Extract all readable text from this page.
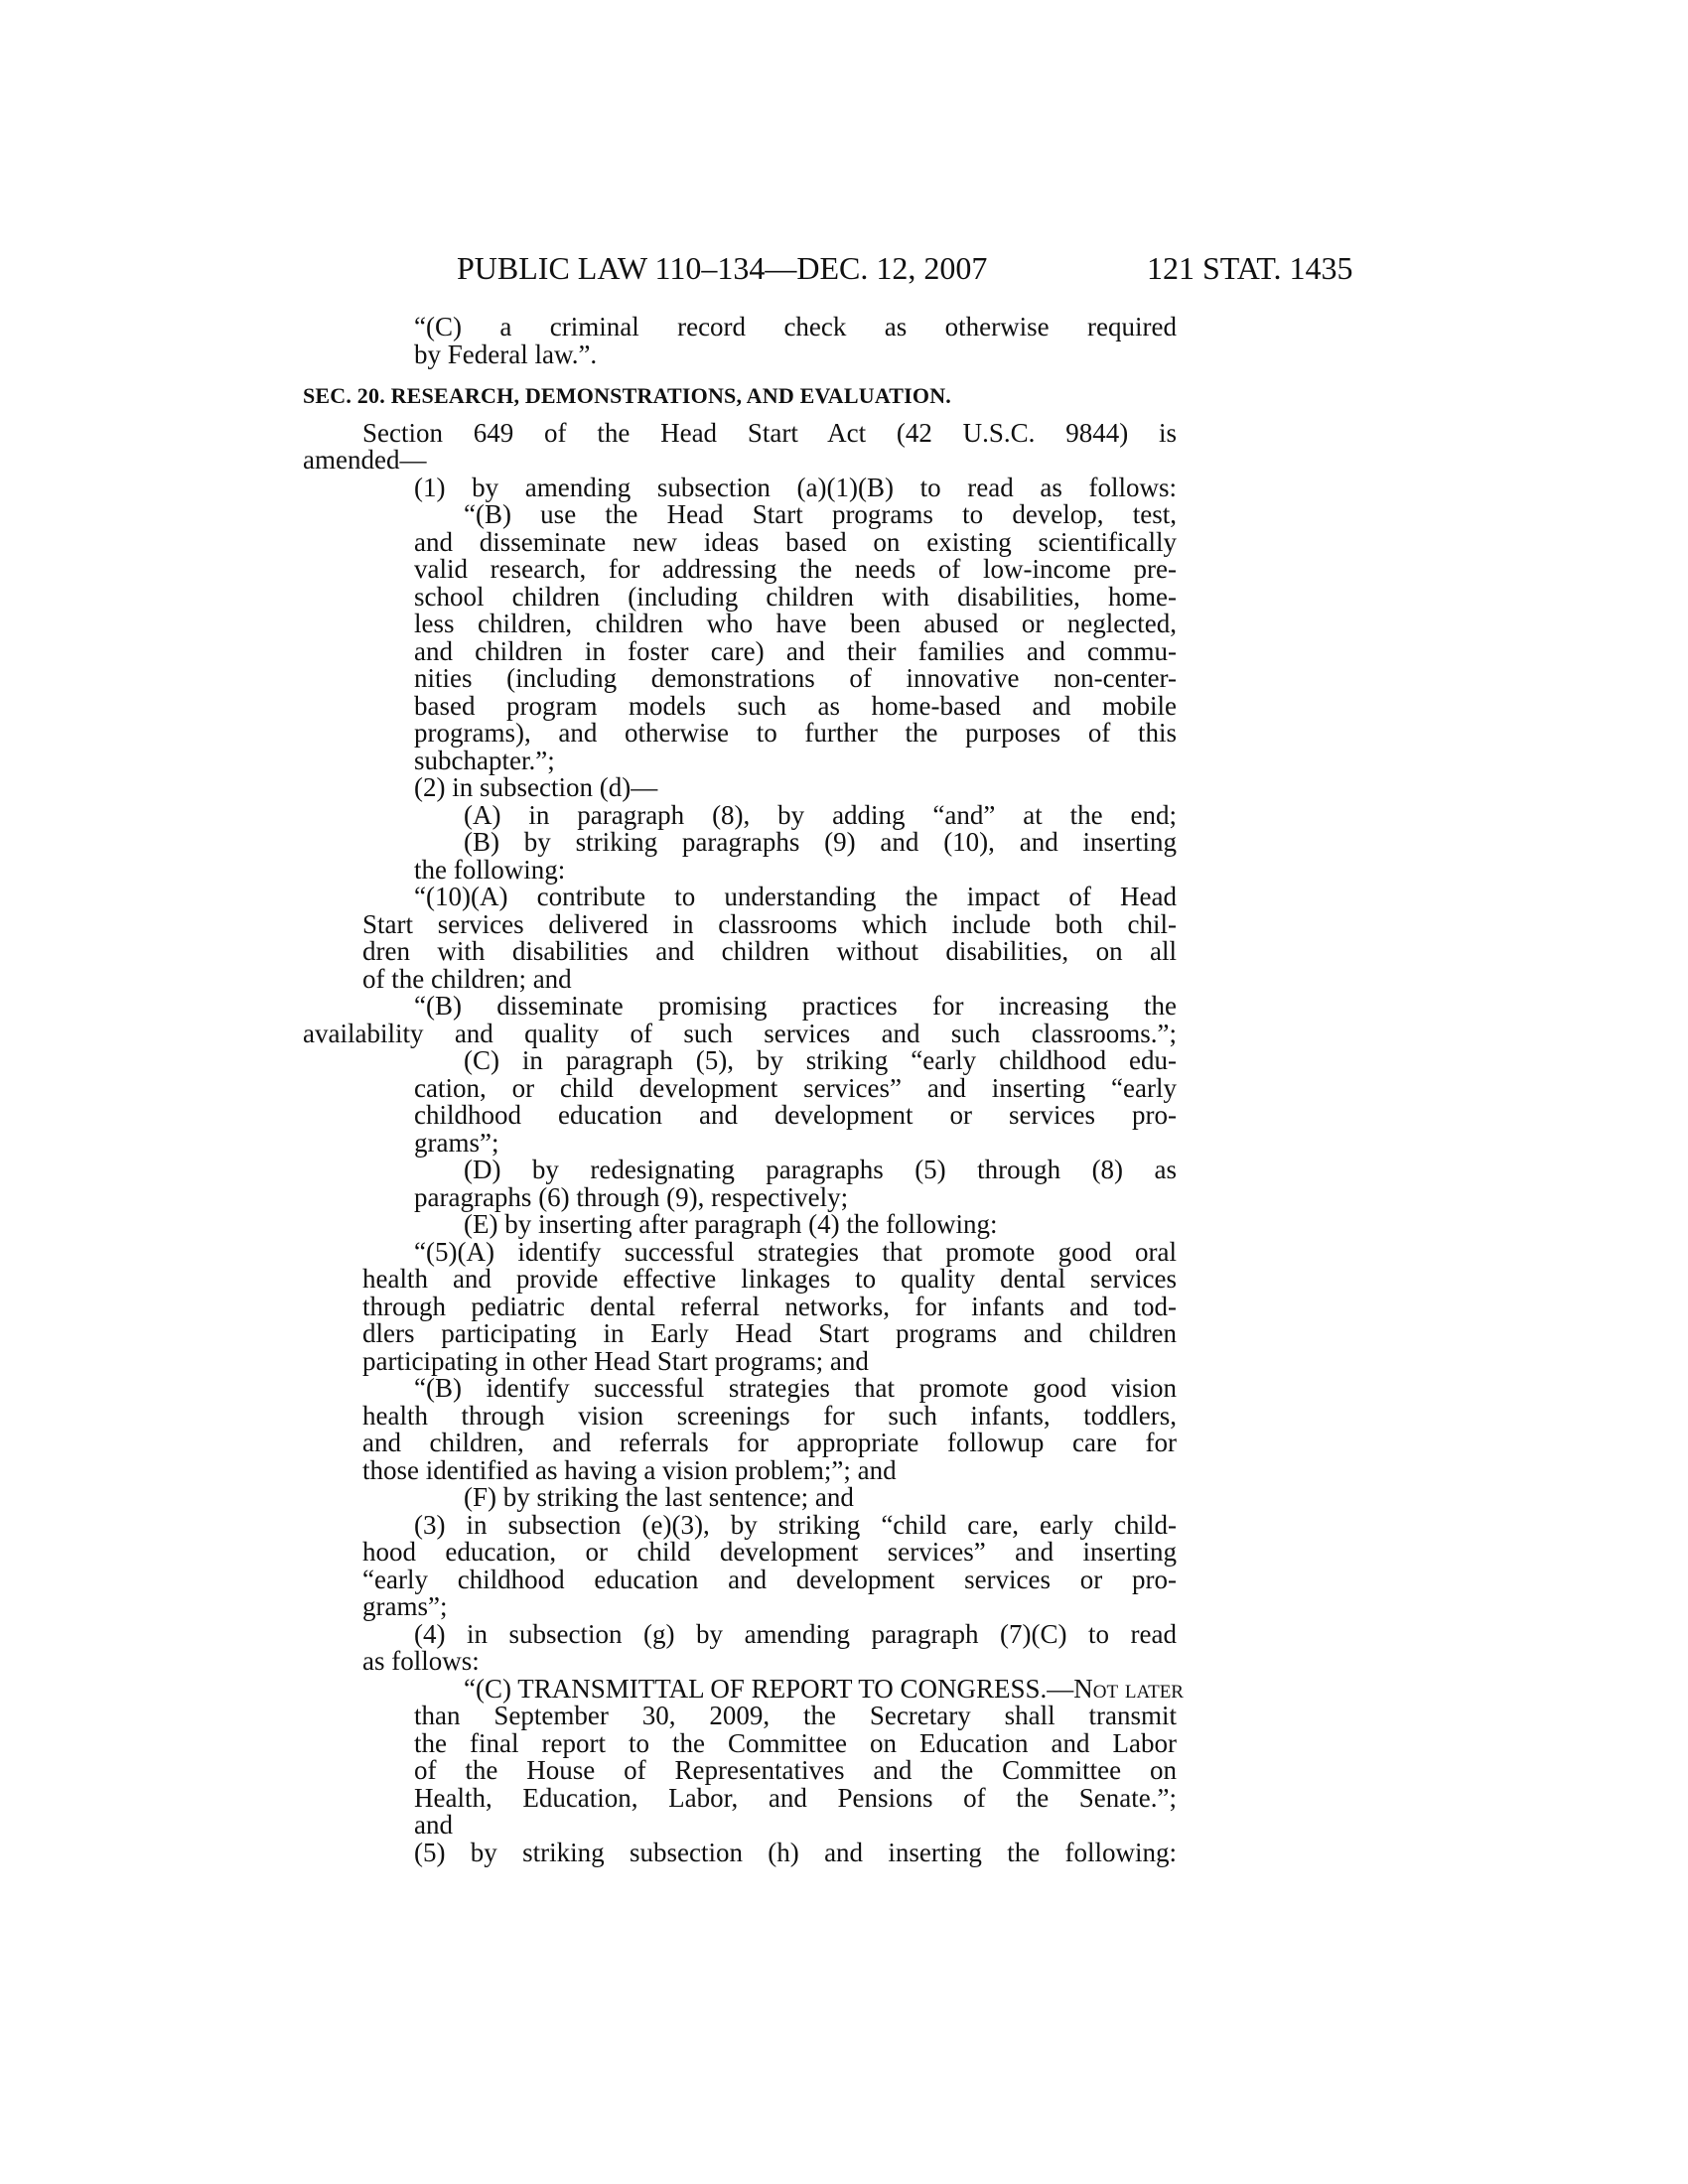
PUBLIC LAW 110–134—DEC. 12, 2007	121 STAT. 1435
“(C) a criminal record check as otherwise required
by Federal law.”.
SEC. 20. RESEARCH, DEMONSTRATIONS, AND EVALUATION.
Section 649 of the Head Start Act (42 U.S.C. 9844) is
amended—
(1) by amending subsection (a)(1)(B) to read as follows:
“(B) use the Head Start programs to develop, test,
and disseminate new ideas based on existing scientifically
valid research, for addressing the needs of low-income pre-
school children (including children with disabilities, home-
less children, children who have been abused or neglected,
and children in foster care) and their families and commu-
nities (including demonstrations of innovative non-center-
based program models such as home-based and mobile
programs), and otherwise to further the purposes of this
subchapter.”;
(2) in subsection (d)—
(A) in paragraph (8), by adding “and” at the end;
(B) by striking paragraphs (9) and (10), and inserting
the following:
“(10)(A) contribute to understanding the impact of Head
Start services delivered in classrooms which include both chil-
dren with disabilities and children without disabilities, on all
of the children; and
“(B) disseminate promising practices for increasing the
availability and quality of such services and such classrooms.”;
(C) in paragraph (5), by striking “early childhood edu-
cation, or child development services” and inserting “early
childhood education and development or services pro-
grams”;
(D) by redesignating paragraphs (5) through (8) as
paragraphs (6) through (9), respectively;
(E) by inserting after paragraph (4) the following:
“(5)(A) identify successful strategies that promote good oral
health and provide effective linkages to quality dental services
through pediatric dental referral networks, for infants and tod-
dlers participating in Early Head Start programs and children
participating in other Head Start programs; and
“(B) identify successful strategies that promote good vision
health through vision screenings for such infants, toddlers,
and children, and referrals for appropriate followup care for
those identified as having a vision problem;”; and
(F) by striking the last sentence; and
(3) in subsection (e)(3), by striking “child care, early child-
hood education, or child development services” and inserting
“early childhood education and development services or pro-
grams”;
(4) in subsection (g) by amending paragraph (7)(C) to read
as follows:
“(C) TRANSMITTAL OF REPORT TO CONGRESS.—Not later
than September 30, 2009, the Secretary shall transmit
the final report to the Committee on Education and Labor
of the House of Representatives and the Committee on
Health, Education, Labor, and Pensions of the Senate.”;
and
(5) by striking subsection (h) and inserting the following:
